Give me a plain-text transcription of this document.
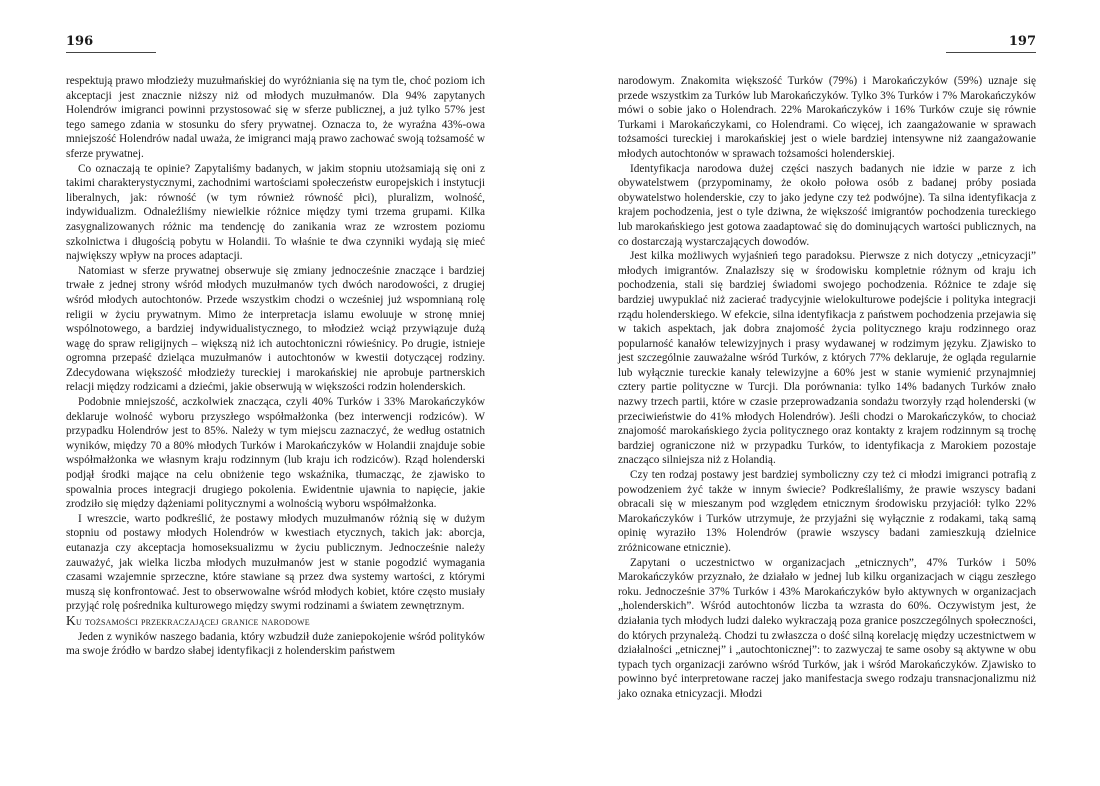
196

respektują prawo młodzieży muzułmańskiej do wyróżniania się na tym tle, choć poziom ich akceptacji jest znacznie niższy niż od młodych muzułmanów. Dla 94% zapytanych Holendrów imigranci powinni przystosować się w sferze publicznej, a już tylko 57% jest tego samego zdania w stosunku do sfery prywatnej. Oznacza to, że wyraźna 43%-owa mniejszość Holendrów nadal uważa, że imigranci mają prawo zachować swoją tożsamość w sferze prywatnej.

Co oznaczają te opinie? Zapytaliśmy badanych, w jakim stopniu utożsamiają się oni z takimi charakterystycznymi, zachodnimi wartościami społeczeństw europejskich i instytucji liberalnych, jak: równość (w tym również równość płci), pluralizm, wolność, indywidualizm. Odnaleźliśmy niewielkie różnice między tymi trzema grupami. Kilka zasygnalizowanych różnic ma tendencję do zanikania wraz ze wzrostem poziomu szkolnictwa i długością pobytu w Holandii. To właśnie te dwa czynniki wydają się mieć największy wpływ na proces adaptacji.

Natomiast w sferze prywatnej obserwuje się zmiany jednocześnie znaczące i bardziej trwałe z jednej strony wśród młodych muzułmanów tych dwóch narodowości, z drugiej wśród młodych autochtonów. Przede wszystkim chodzi o wcześniej już wspomnianą rolę religii w życiu prywatnym. Mimo że interpretacja islamu ewoluuje w stronę mniej wspólnotowego, a bardziej indywidualistycznego, to młodzież wciąż przywiązuje dużą wagę do spraw religijnych – większą niż ich autochtoniczni rówieśnicy. Po drugie, istnieje ogromna przepaść dzieląca muzułmanów i autochtonów w kwestii dotyczącej rodziny. Zdecydowana większość młodzieży tureckiej i marokańskiej nie aprobuje partnerskich relacji między rodzicami a dziećmi, jakie obserwują w większości rodzin holenderskich.

Podobnie mniejszość, aczkolwiek znacząca, czyli 40% Turków i 33% Marokańczyków deklaruje wolność wyboru przyszłego współmałżonka (bez interwencji rodziców). W przypadku Holendrów jest to 85%. Należy w tym miejscu zaznaczyć, że według ostatnich wyników, między 70 a 80% młodych Turków i Marokańczyków w Holandii znajduje sobie współmałżonka we własnym kraju rodzinnym (lub kraju ich rodziców). Rząd holenderski podjął środki mające na celu obniżenie tego wskaźnika, tłumacząc, że zjawisko to spowalnia proces integracji drugiego pokolenia. Ewidentnie ujawnia to napięcie, jakie zrodziło się między dążeniami politycznymi a wolnością wyboru współmałżonka.

I wreszcie, warto podkreślić, że postawy młodych muzułmanów różnią się w dużym stopniu od postawy młodych Holendrów w kwestiach etycznych, takich jak: aborcja, eutanazja czy akceptacja homoseksualizmu w życiu publicznym. Jednocześnie należy zauważyć, jak wielka liczba młodych muzułmanów jest w stanie pogodzić wymagania czasami wzajemnie sprzeczne, które stawiane są przez dwa systemy wartości, z którymi muszą się konfrontować. Jest to obserwowalne wśród młodych kobiet, które często musiały przyjąć rolę pośrednika kulturowego między swymi rodzinami a światem zewnętrznym.

Ku tożsamości przekraczającej granice narodowe

Jeden z wyników naszego badania, który wzbudził duże zaniepokojenie wśród polityków ma swoje źródło w bardzo słabej identyfikacji z holenderskim państwem

197

narodowym. Znakomita większość Turków (79%) i Marokańczyków (59%) uznaje się przede wszystkim za Turków lub Marokańczyków. Tylko 3% Turków i 7% Marokańczyków mówi o sobie jako o Holendrach. 22% Marokańczyków i 16% Turków czuje się równie Turkami i Marokańczykami, co Holendrami. Co więcej, ich zaangażowanie w sprawach tożsamości tureckiej i marokańskiej jest o wiele bardziej intensywne niż zaangażowanie młodych autochtonów w sprawach tożsamości holenderskiej.

Identyfikacja narodowa dużej części naszych badanych nie idzie w parze z ich obywatelstwem (przypominamy, że około połowa osób z badanej próby posiada obywatelstwo holenderskie, czy to jako jedyne czy też podwójne). Ta silna identyfikacja z krajem pochodzenia, jest o tyle dziwna, że większość imigrantów pochodzenia tureckiego lub marokańskiego jest gotowa zaadaptować się do dominujących wartości publicznych, na co dostarczają wystarczających dowodów.

Jest kilka możliwych wyjaśnień tego paradoksu. Pierwsze z nich dotyczy „etnicyzacji” młodych imigrantów. Znalazłszy się w środowisku kompletnie różnym od kraju ich pochodzenia, stali się bardziej świadomi swojego pochodzenia. Różnice te zdaje się bardziej uwypuklać niż zacierać tradycyjnie wielokulturowe podejście i polityka integracji rządu holenderskiego. W efekcie, silna identyfikacja z państwem pochodzenia przejawia się w takich aspektach, jak dobra znajomość życia politycznego kraju rodzinnego oraz popularność kanałów telewizyjnych i prasy wydawanej w rodzimym języku. Zjawisko to jest szczególnie zauważalne wśród Turków, z których 77% deklaruje, że ogląda regularnie lub wyłącznie tureckie kanały telewizyjne a 60% jest w stanie wymienić przynajmniej cztery partie polityczne w Turcji. Dla porównania: tylko 14% badanych Turków znało nazwy trzech partii, które w czasie przeprowadzania sondażu tworzyły rząd holenderski (w przeciwieństwie do 41% młodych Holendrów). Jeśli chodzi o Marokańczyków, to chociaż znajomość marokańskiego życia politycznego oraz kontakty z krajem rodzinnym są trochę bardziej ograniczone niż w przypadku Turków, to identyfikacja z Marokiem pozostaje znacząco silniejsza niż z Holandią.

Czy ten rodzaj postawy jest bardziej symboliczny czy też ci młodzi imigranci potrafią z powodzeniem żyć także w innym świecie? Podkreślaliśmy, że prawie wszyscy badani obracali się w mieszanym pod względem etnicznym środowisku przyjaciół: tylko 22% Marokańczyków i Turków utrzymuje, że przyjaźni się wyłącznie z rodakami, taką samą opinię wyraziło 13% Holendrów (prawie wszyscy badani zamieszkują dzielnice zróżnicowane etnicznie).

Zapytani o uczestnictwo w organizacjach „etnicznych”, 47% Turków i 50% Marokańczyków przyznało, że działało w jednej lub kilku organizacjach w ciągu zeszłego roku. Jednocześnie 37% Turków i 43% Marokańczyków było aktywnych w organizacjach „holenderskich”. Wśród autochtonów liczba ta wzrasta do 60%. Oczywistym jest, że działania tych młodych ludzi daleko wykraczają poza granice poszczególnych społeczności, do których przynależą. Chodzi tu zwłaszcza o dość silną korelację między uczestnictwem w działalności „etnicznej” i „autochtonicznej”: to zazwyczaj te same osoby są aktywne w obu typach tych organizacji zarówno wśród Turków, jak i wśród Marokańczyków. Zjawisko to powinno być interpretowane raczej jako manifestacja swego rodzaju transnacjonalizmu niż jako oznaka etnicyzacji. Młodzi
